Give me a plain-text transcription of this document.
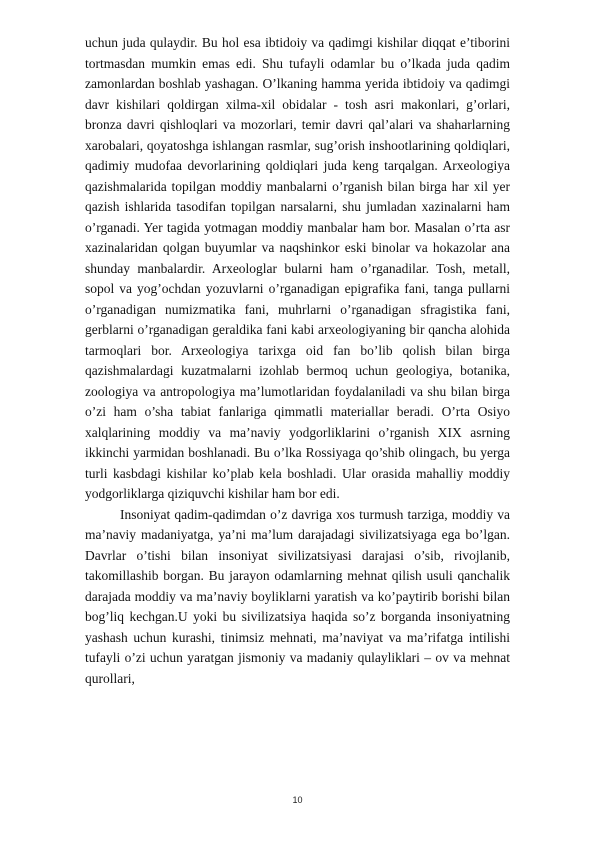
uchun juda qulaydir. Bu hol esa ibtidoiy va qadimgi kishilar diqqat e’tiborini tortmasdan mumkin emas edi. Shu tufayli odamlar bu o’lkada juda qadim zamonlardan boshlab yashagan. O’lkaning hamma yerida ibtidoiy va qadimgi davr kishilari qoldirgan xilma-xil obidalar - tosh asri makonlari, g’orlari, bronza davri qishloqlari va mozorlari, temir davri qal’alari va shaharlarning xarobalari, qoyatoshga ishlangan rasmlar, sug’orish inshootlarining qoldiqlari, qadimiy mudofaa devorlarining qoldiqlari juda keng tarqalgan. Arxeologiya qazishmalarida topilgan moddiy manbalarni o’rganish bilan birga har xil yer qazish ishlarida tasodifan topilgan narsalarni, shu jumladan xazinalarni ham o’rganadi. Yer tagida yotmagan moddiy manbalar ham bor. Masalan o’rta asr xazinalaridan qolgan buyumlar va naqshinkor eski binolar va hokazolar ana shunday manbalardir. Arxeologlar bularni ham o’rganadilar. Tosh, metall, sopol va yog’ochdan yozuvlarni o’rganadigan epigrafika fani, tanga pullarni o’rganadigan numizmatika fani, muhrlarni o’rganadigan sfragistika fani, gerblarni o’rganadigan geraldika fani kabi arxeologiyaning bir qancha alohida tarmoqlari bor. Arxeologiya tarixga oid fan bo’lib qolish bilan birga qazishmalardagi kuzatmalarni izohlab bermoq uchun geologiya, botanika, zoologiya va antropologiya ma’lumotlaridan foydalaniladi va shu bilan birga o’zi ham o’sha tabiat fanlariga qimmatli materiallar beradi. O’rta Osiyo xalqlarining moddiy va ma’naviy yodgorliklarini o’rganish XIX asrning ikkinchi yarmidan boshlanadi. Bu o’lka Rossiyaga qo’shib olingach, bu yerga turli kasbdagi kishilar ko’plab kela boshladi. Ular orasida mahalliy moddiy yodgorliklarga qiziquvchi kishilar ham bor edi.

Insoniyat qadim-qadimdan o’z davriga xos turmush tarziga, moddiy va ma’naviy madaniyatga, ya’ni ma’lum darajadagi sivilizatsiyaga ega bo’lgan. Davrlar o’tishi bilan insoniyat sivilizatsiyasi darajasi o’sib, rivojlanib, takomillashib borgan. Bu jarayon odamlarning mehnat qilish usuli qanchalik darajada moddiy va ma’naviy boyliklarni yaratish va ko’paytirib borishi bilan bog’liq kechgan.U yoki bu sivilizatsiya haqida so’z borganda insoniyatning yashash uchun kurashi, tinimsiz mehnati, ma’naviyat va ma’rifatga intilishi tufayli o’zi uchun yaratgan jismoniy va madaniy qulayliklari – ov va mehnat qurollari,

10
